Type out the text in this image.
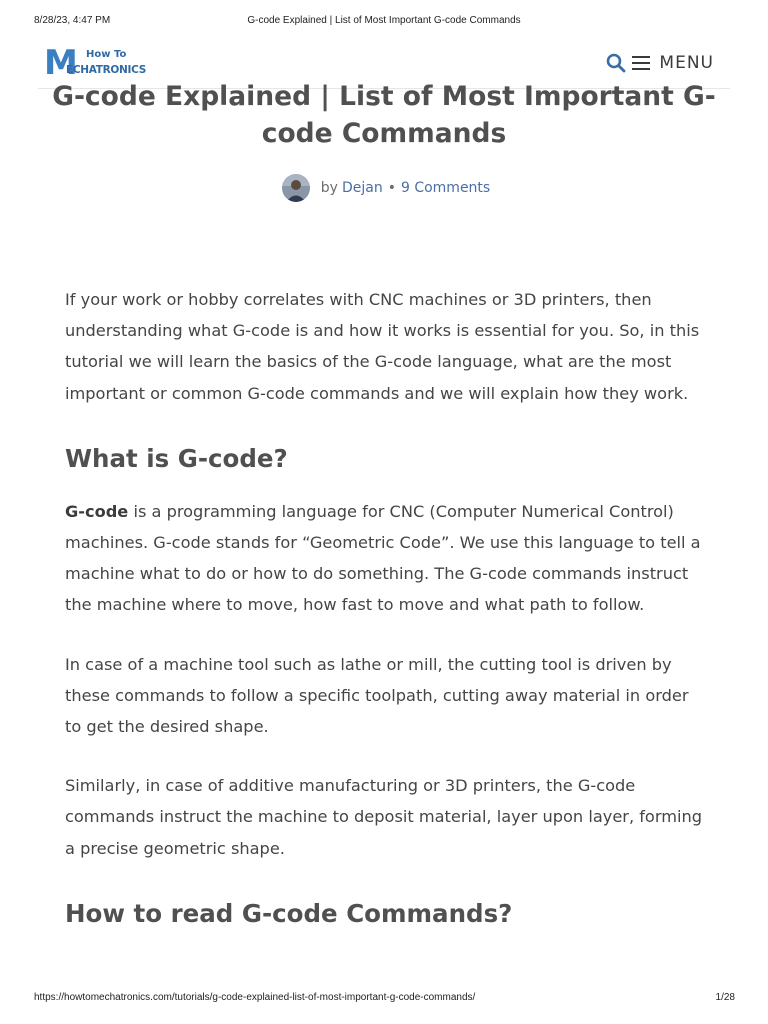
8/28/23, 4:47 PM	G-code Explained | List of Most Important G-code Commands
M How To
ECHATRONICS	MENU
G-code Explained | List of Most Important G-code Commands
by Dejan • 9 Comments

If your work or hobby correlates with CNC machines or 3D printers, then understanding what G-code is and how it works is essential for you. So, in this tutorial we will learn the basics of the G-code language, what are the most important or common G-code commands and we will explain how they work.

What is G-code?

G-code is a programming language for CNC (Computer Numerical Control) machines. G-code stands for “Geometric Code”. We use this language to tell a machine what to do or how to do something. The G-code commands instruct the machine where to move, how fast to move and what path to follow.

In case of a machine tool such as lathe or mill, the cutting tool is driven by these commands to follow a specific toolpath, cutting away material in order to get the desired shape.

Similarly, in case of additive manufacturing or 3D printers, the G-code commands instruct the machine to deposit material, layer upon layer, forming a precise geometric shape.

How to read G-code Commands?
https://howtomechatronics.com/tutorials/g-code-explained-list-of-most-important-g-code-commands/	1/28
